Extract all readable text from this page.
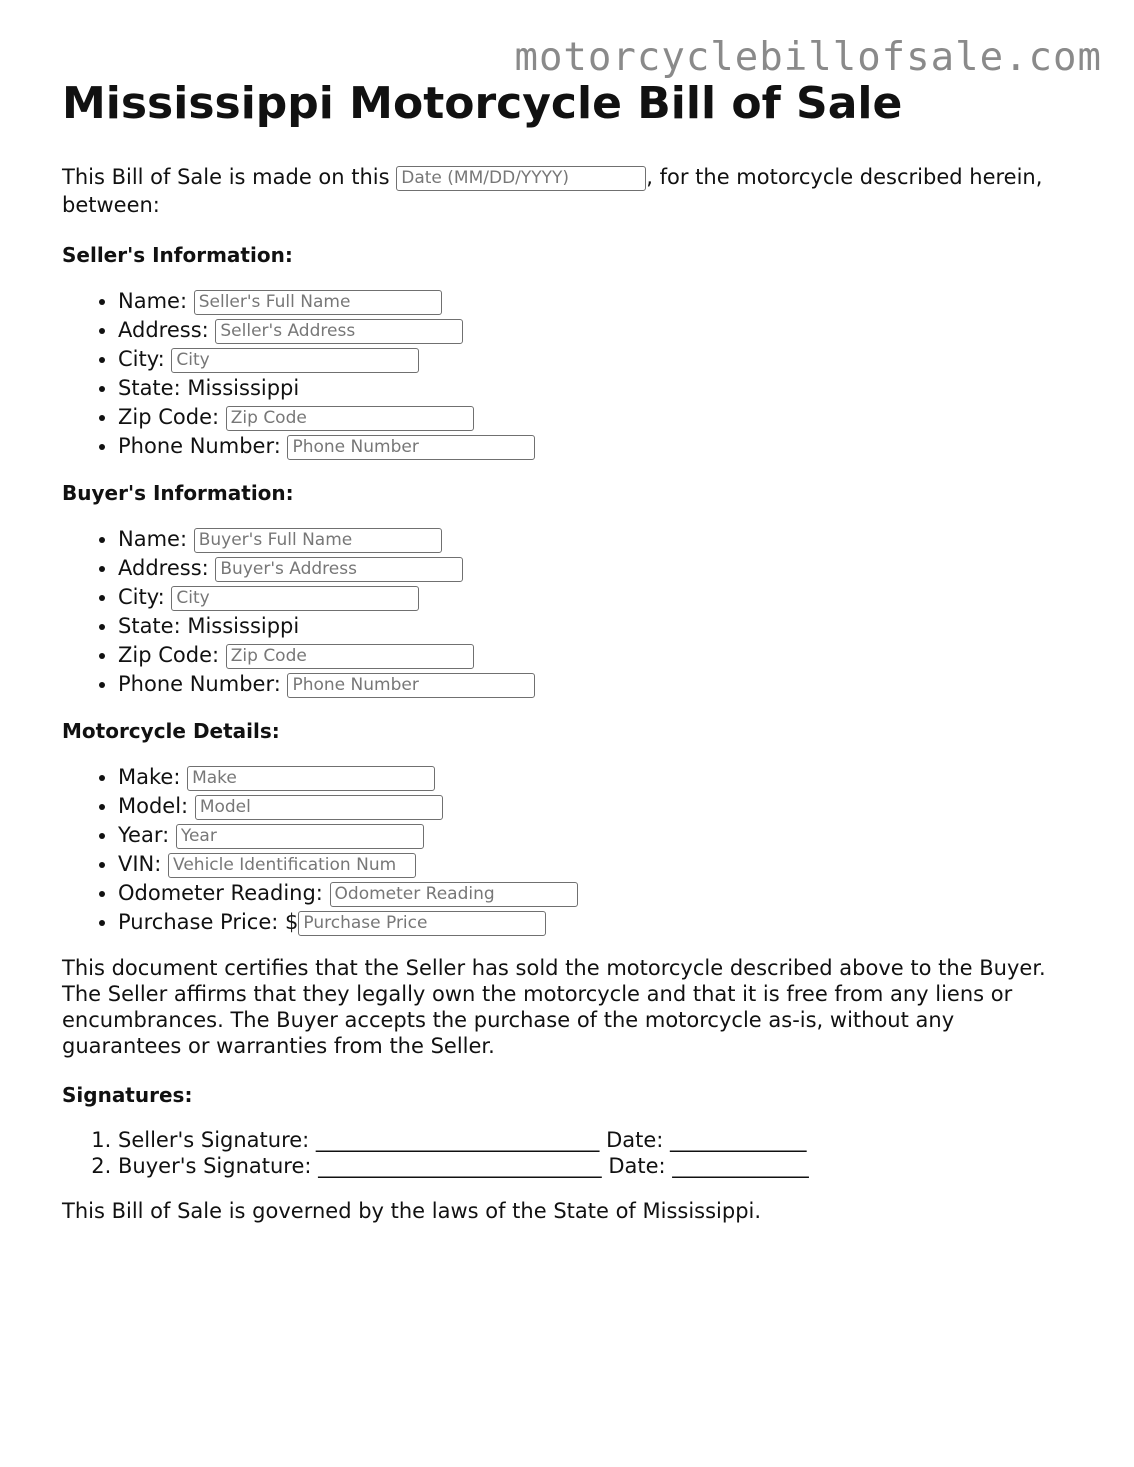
motorcyclebillofsale.com
Mississippi Motorcycle Bill of Sale

This Bill of Sale is made on this Date (MM/DD/YYYY)	, for the motorcycle described herein, between:

Seller's Information:
• Name: Seller's Full Name
• Address: Seller's Address
• City: City
• State: Mississippi
• Zip Code: Zip Code
• Phone Number: Phone Number
Buyer's Information:
• Name: Buyer's Full Name
• Address: Buyer's Address
• City: City
• State: Mississippi
• Zip Code: Zip Code
• Phone Number: Phone Number
Motorcycle Details:
• Make: Make
• Model: Model
• Year: Year
• VIN: Vehicle Identification Num
• Odometer Reading: Odometer Reading
• Purchase Price: $Purchase Price

This document certifies that the Seller has sold the motorcycle described above to the Buyer. The Seller affirms that they legally own the motorcycle and that it is free from any liens or encumbrances. The Buyer accepts the purchase of the motorcycle as-is, without any guarantees or warranties from the Seller.

Signatures:
1. Seller's Signature: ___________________________ Date: _____________
2. Buyer's Signature: ___________________________ Date: _____________

This Bill of Sale is governed by the laws of the State of Mississippi.
